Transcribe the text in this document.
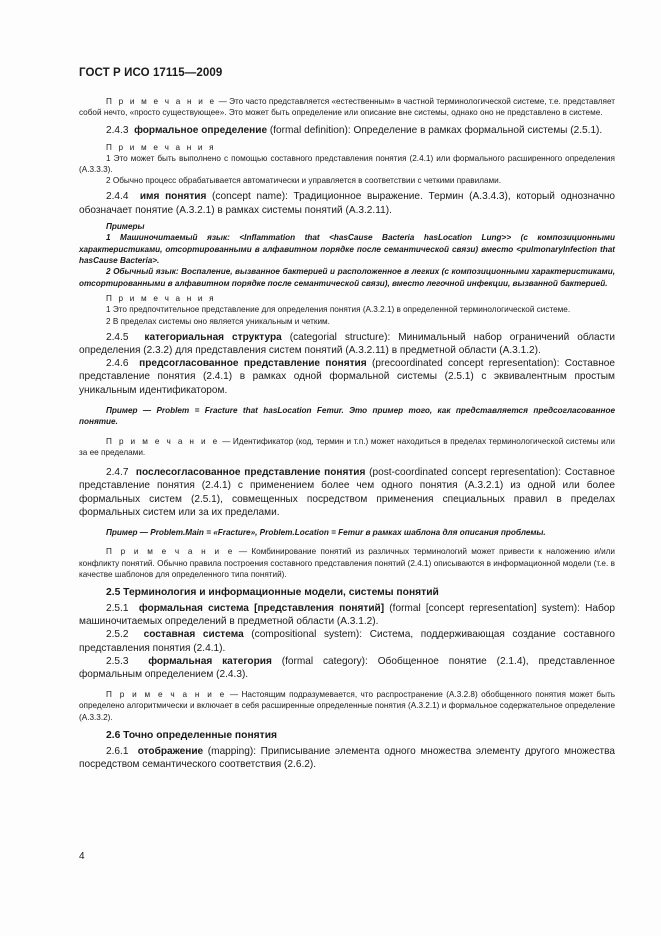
ГОСТ Р ИСО 17115—2009

П р и м е ч а н и е — Это часто представляется «естественным» в частной терминологической системе, т.е. представляет собой нечто, «просто существующее». Это может быть определение или описание вне системы, однако оно не представлено в системе.

2.4.3 формальное определение (formal definition): Определение в рамках формальной системы (2.5.1).

П р и м е ч а н и я

1 Это может быть выполнено с помощью составного представления понятия (2.4.1) или формального расширенного определения (А.3.3.3).

2 Обычно процесс обрабатывается автоматически и управляется в соответствии с четкими правилами.

2.4.4 имя понятия (concept name): Традиционное выражение. Термин (А.3.4.3), который однозначно обозначает понятие (А.3.2.1) в рамках системы понятий (А.3.2.11).

Примеры

1 Машиночитаемый язык: <Inflammation that <hasCause Bacteria hasLocation Lung>> (с композиционными характеристиками, отсортированными в алфавитном порядке после семантической связи) вместо <pulmonaryInfection that hasCause Bacteria>.

2 Обычный язык: Воспаление, вызванное бактерией и расположенное в легких (с композиционными характеристиками, отсортированными в алфавитном порядке после семантической связи), вместо легочной инфекции, вызванной бактерией.

П р и м е ч а н и я

1 Это предпочтительное представление для определения понятия (А.3.2.1) в определенной терминологической системе.

2 В пределах системы оно является уникальным и четким.

2.4.5 категориальная структура (categorial structure): Минимальный набор ограничений области определения (2.3.2) для представления систем понятий (А.3.2.11) в предметной области (А.3.1.2).

2.4.6 предсогласованное представление понятия (precoordinated concept representation): Составное представление понятия (2.4.1) в рамках одной формальной системы (2.5.1) с эквивалентным простым уникальным идентификатором.

Пример — Problem = Fracture that hasLocation Femur. Это пример того, как представляется предсогласованное понятие.

П р и м е ч а н и е — Идентификатор (код, термин и т.п.) может находиться в пределах терминологической системы или за ее пределами.

2.4.7 послесогласованное представление понятия (post-coordinated concept representation): Составное представление понятия (2.4.1) с применением более чем одного понятия (А.3.2.1) из одной или более формальных систем (2.5.1), совмещенных посредством применения специальных правил в пределах формальных систем или за их пределами.

Пример — Problem.Main = «Fracture», Problem.Location = Femur в рамках шаблона для описания проблемы.

П р и м е ч а н и е — Комбинирование понятий из различных терминологий может привести к наложению и/или конфликту понятий. Обычно правила построения составного представления понятий (2.4.1) описываются в информационной модели (т.е. в качестве шаблонов для определенного типа понятий).

2.5 Терминология и информационные модели, системы понятий

2.5.1 формальная система [представления понятий] (formal [concept representation] system): Набор машиночитаемых определений в предметной области (А.3.1.2).

2.5.2 составная система (compositional system): Система, поддерживающая создание составного представления понятия (2.4.1).

2.5.3 формальная категория (formal category): Обобщенное понятие (2.1.4), представленное формальным определением (2.4.3).

П р и м е ч а н и е — Настоящим подразумевается, что распространение (А.3.2.8) обобщенного понятия может быть определено алгоритмически и включает в себя расширенные определенные понятия (А.3.2.1) и формальное содержательное определение (А.3.3.2).

2.6 Точно определенные понятия

2.6.1 отображение (mapping): Приписывание элемента одного множества элементу другого множества посредством семантического соответствия (2.6.2).

4
